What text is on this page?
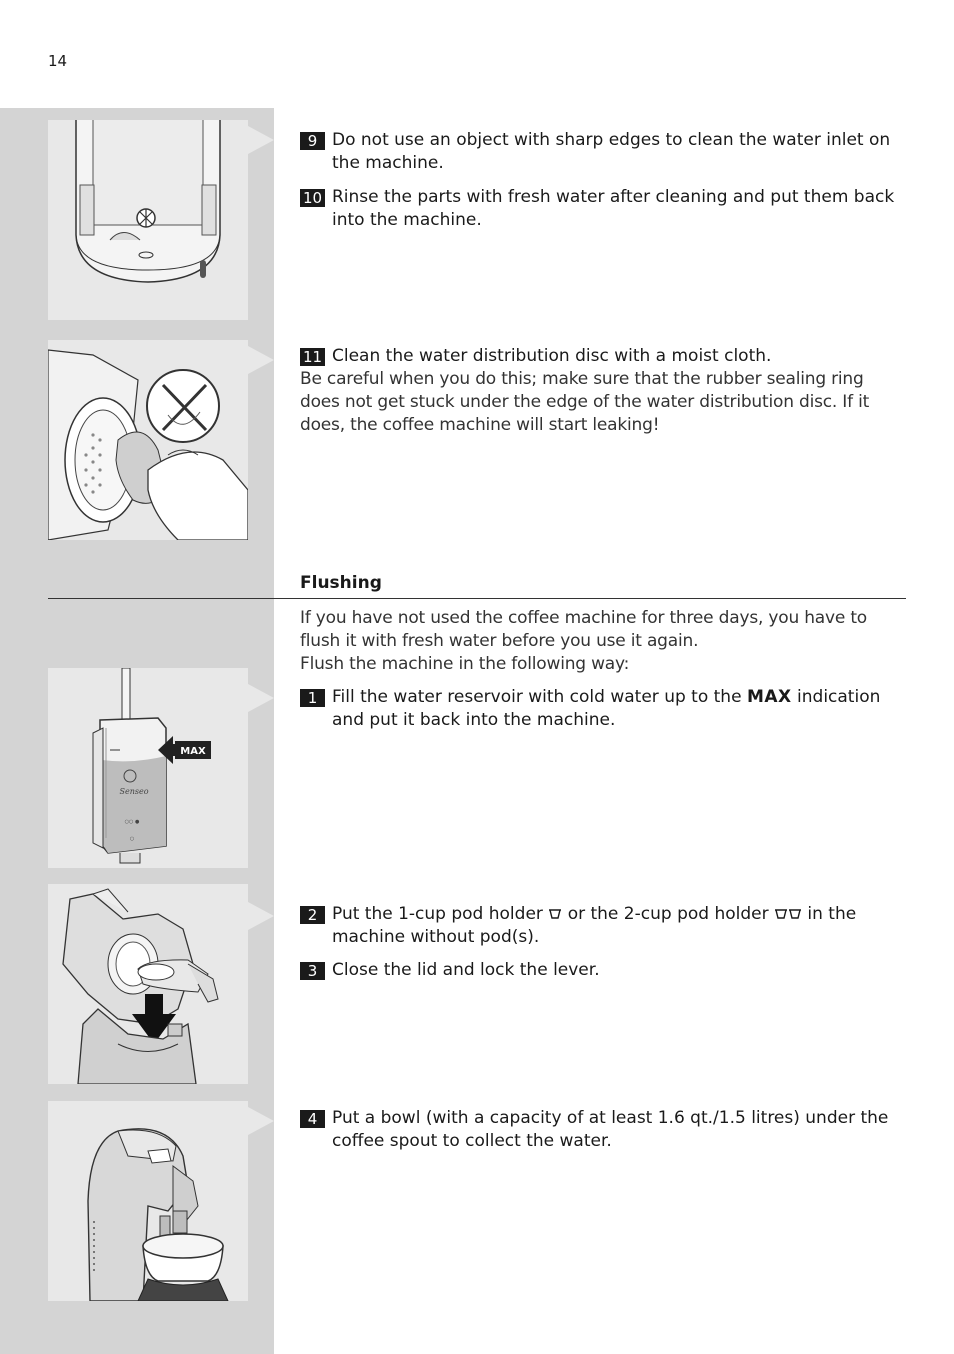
14
9 Do not use an object with sharp edges to clean the water inlet on the machine.
10 Rinse the parts with fresh water after cleaning and put them back into the machine.
11 Clean the water distribution disc with a moist cloth.
Be careful when you do this; make sure that the rubber sealing ring does not get stuck under the edge of the water distribution disc. If it does, the coffee machine will start leaking!
Flushing
If you have not used the coffee machine for three days, you have to flush it with fresh water before you use it again.
Flush the machine in the following way:
Senseo
○○ ●
○
MAX
1 Fill the water reservoir with cold water up to the MAX indication and put it back into the machine.
2 Put the 1-cup pod holder  or the 2-cup pod holder  in the machine without pod(s).
3 Close the lid and lock the lever.
4 Put a bowl (with a capacity of at least 1.6 qt./1.5 litres) under the coffee spout to collect the water.
